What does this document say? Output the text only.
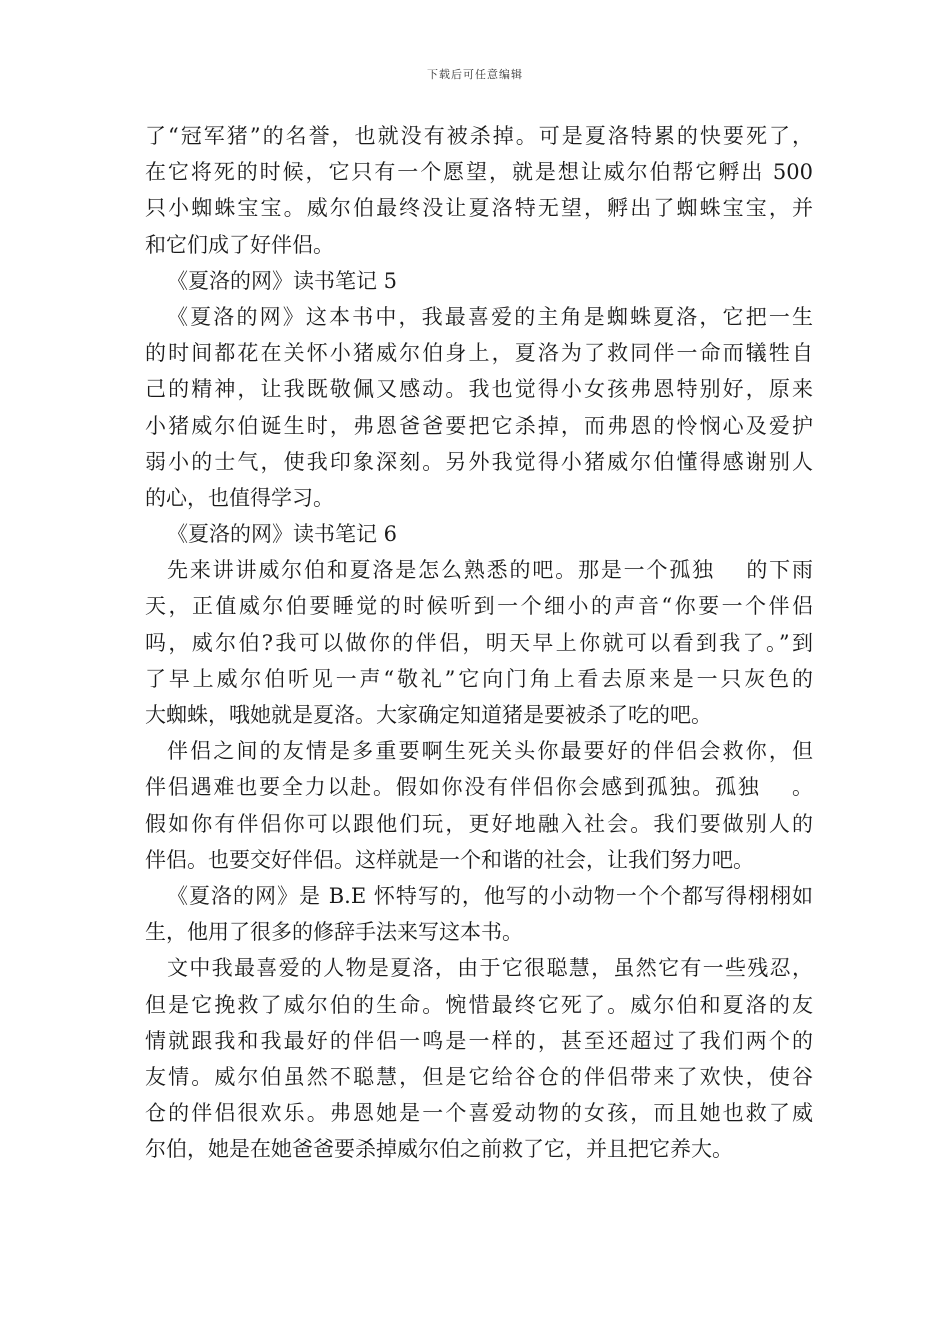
下载后可任意编辑
了“冠军猪”的名誉，也就没有被杀掉。可是夏洛特累的快要死了，
在它将死的时候，它只有一个愿望，就是想让威尔伯帮它孵出 500
只小蜘蛛宝宝。威尔伯最终没让夏洛特无望，孵出了蜘蛛宝宝，并
和它们成了好伴侣。
《夏洛的网》读书笔记 5
《夏洛的网》这本书中，我最喜爱的主角是蜘蛛夏洛，它把一生
的时间都花在关怀小猪威尔伯身上，夏洛为了救同伴一命而犠牲自
己的精神，让我既敬佩又感动。我也觉得小女孩弗恩特别好，原来
小猪威尔伯诞生时，弗恩爸爸要把它杀掉，而弗恩的怜悯心及爱护
弱小的士气，使我印象深刻。另外我觉得小猪威尔伯懂得感谢别人
的心，也值得学习。
《夏洛的网》读书笔记 6
先来讲讲威尔伯和夏洛是怎么熟悉的吧。那是一个孤独　 的下雨
天，正值威尔伯要睡觉的时候听到一个细小的声音“你要一个伴侣
吗，威尔伯?我可以做你的伴侣，明天早上你就可以看到我了。”到
了早上威尔伯听见一声“敬礼”它向门角上看去原来是一只灰色的
大蜘蛛，哦她就是夏洛。大家确定知道猪是要被杀了吃的吧。
伴侣之间的友情是多重要啊生死关头你最要好的伴侣会救你，但
伴侣遇难也要全力以赴。假如你没有伴侣你会感到孤独。孤独　 。
假如你有伴侣你可以跟他们玩，更好地融入社会。我们要做别人的
伴侣。也要交好伴侣。这样就是一个和谐的社会，让我们努力吧。
《夏洛的网》是 B.E 怀特写的，他写的小动物一个个都写得栩栩如
生，他用了很多的修辞手法来写这本书。
文中我最喜爱的人物是夏洛，由于它很聪慧，虽然它有一些残忍，
但是它挽救了威尔伯的生命。惋惜最终它死了。威尔伯和夏洛的友
情就跟我和我最好的伴侣一鸣是一样的，甚至还超过了我们两个的
友情。威尔伯虽然不聪慧，但是它给谷仓的伴侣带来了欢快，使谷
仓的伴侣很欢乐。弗恩她是一个喜爱动物的女孩，而且她也救了威
尔伯，她是在她爸爸要杀掉威尔伯之前救了它，并且把它养大。
